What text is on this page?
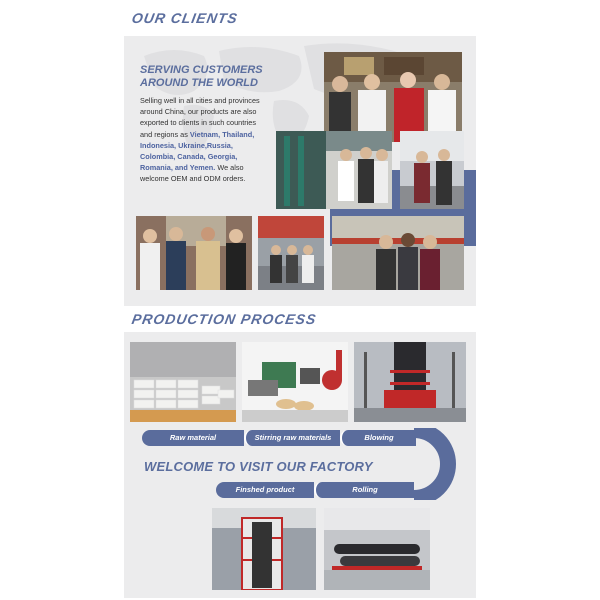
OUR CLIENTS
SERVING CUSTOMERS
AROUND THE WORLD
Selling well in all cities and provinces around China, our products are also exported to clients in such countries and regions as Vietnam, Thailand, Indonesia, Ukraine,Russia, Colombia, Canada, Georgia, Romania, and Yemen. We also welcome OEM and ODM orders.
PRODUCTION PROCESS
Raw material	Stirring raw materials	Blowing
WELCOME TO VISIT OUR FACTORY
Finshed product	Rolling
